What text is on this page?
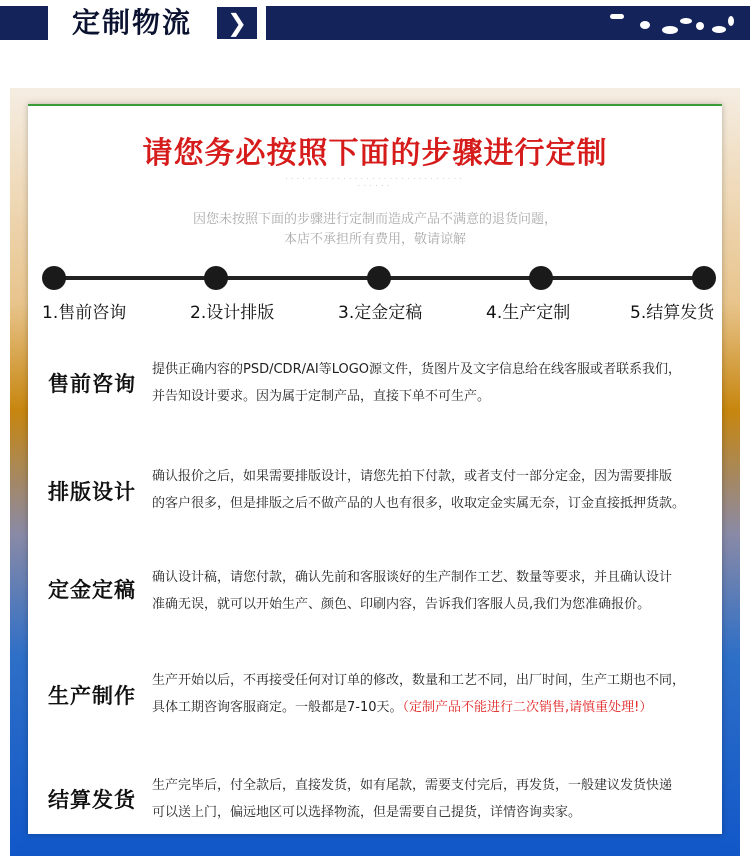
定制物流	❯
请您务必按照下面的步骤进行定制
· · · · · · · · · · · · · · · · · · · · · · · · · · · · · · · · · · · · ·
因您未按照下面的步骤进行定制而造成产品不满意的退货问题，
本店不承担所有费用，敬请谅解
1.售前咨询	2.设计排版	3.定金定稿	4.生产定制	5.结算发货
售前咨询
提供正确内容的PSD/CDR/AI等LOGO源文件，货图片及文字信息给在线客服或者联系我们，
并告知设计要求。因为属于定制产品，直接下单不可生产。
排版设计
确认报价之后，如果需要排版设计，请您先拍下付款，或者支付一部分定金，因为需要排版
的客户很多，但是排版之后不做产品的人也有很多，收取定金实属无奈，订金直接抵押货款。
定金定稿
确认设计稿，请您付款，确认先前和客服谈好的生产制作工艺、数量等要求，并且确认设计
准确无误，就可以开始生产、颜色、印刷内容，告诉我们客服人员,我们为您准确报价。
生产制作
生产开始以后，不再接受任何对订单的修改，数量和工艺不同，出厂时间，生产工期也不同，
具体工期咨询客服商定。一般都是7-10天。（定制产品不能进行二次销售,请慎重处理!）
结算发货
生产完毕后，付全款后，直接发货，如有尾款，需要支付完后，再发货，一般建议发货快递
可以送上门，偏远地区可以选择物流，但是需要自己提货，详情咨询卖家。
